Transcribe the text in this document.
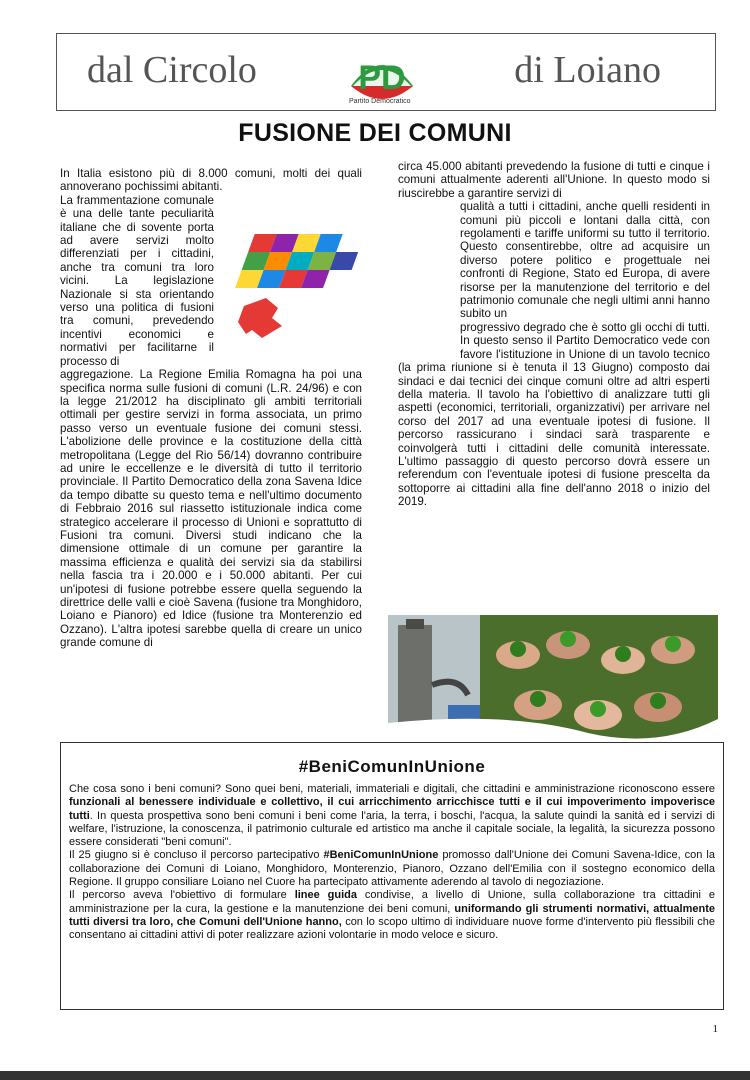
dal Circolo	PD
Partito Democratico
di Loiano
FUSIONE DEI COMUNI

In Italia esistono più di 8.000 comuni, molti dei quali annoverano pochissimi abitanti.

La frammentazione comunale è una delle tante peculiarità italiane che di sovente porta ad avere servizi molto differenziati per i cittadini, anche tra comuni tra loro vicini. La legislazione Nazionale si sta orientando verso una politica di fusioni tra comuni, prevedendo incentivi economici e normativi per facilitarne il processo di

aggregazione. La Regione Emilia Romagna ha poi una specifica norma sulle fusioni di comuni (L.R. 24/96) e con la legge 21/2012 ha disciplinato gli ambiti territoriali ottimali per gestire servizi in forma associata, un primo passo verso un eventuale fusione dei comuni stessi. L'abolizione delle province e la costituzione della città metropolitana (Legge del Rio 56/14) dovranno contribuire ad unire le eccellenze e le diversità di tutto il territorio provinciale. Il Partito Democratico della zona Savena Idice da tempo dibatte su questo tema e nell'ultimo documento di Febbraio 2016 sul riassetto istituzionale indica come strategico accelerare il processo di Unioni e soprattutto di Fusioni tra comuni. Diversi studi indicano che la dimensione ottimale di un comune per garantire la massima efficienza e qualità dei servizi sia da stabilirsi nella fascia tra i 20.000 e i 50.000 abitanti. Per cui un'ipotesi di fusione potrebbe essere quella seguendo la direttrice delle valli e cioè Savena (fusione tra Monghidoro, Loiano e Pianoro) ed Idice (fusione tra Monterenzio ed Ozzano). L'altra ipotesi sarebbe quella di creare un unico grande comune di

circa 45.000 abitanti prevedendo la fusione di tutti e cinque i comuni attualmente aderenti all'Unione. In questo modo si riuscirebbe a garantire servizi di

qualità a tutti i cittadini, anche quelli residenti in comuni più piccoli e lontani dalla città, con regolamenti e tariffe uniformi su tutto il territorio. Questo consentirebbe, oltre ad acquisire un diverso potere politico e progettuale nei confronti di Regione, Stato ed Europa, di avere risorse per la manutenzione del territorio e del patrimonio comunale che negli ultimi anni hanno subito un

progressivo degrado che è sotto gli occhi di tutti. In questo senso il Partito Democratico vede con favore l'istituzione in Unione di un tavolo tecnico (la prima riunione si è tenuta il 13 Giugno) composto dai sindaci e dai tecnici dei cinque comuni oltre ad altri esperti della materia. Il tavolo ha l'obiettivo di analizzare tutti gli aspetti (economici, territoriali, organizzativi) per arrivare nel corso del 2017 ad una eventuale ipotesi di fusione. Il percorso rassicurano i sindaci sarà trasparente e coinvolgerà tutti i cittadini delle comunità interessate. L'ultimo passaggio di questo percorso dovrà essere un referendum con l'eventuale ipotesi di fusione prescelta da sottoporre ai cittadini alla fine dell'anno 2018 o inizio del 2019.

#BeniComunInUnione

Che cosa sono i beni comuni? Sono quei beni, materiali, immateriali e digitali, che cittadini e amministrazione riconoscono essere funzionali al benessere individuale e collettivo, il cui arricchimento arricchisce tutti e il cui impoverimento impoverisce tutti. In questa prospettiva sono beni comuni i beni come l'aria, la terra, i boschi, l'acqua, la salute quindi la sanità ed i servizi di welfare, l'istruzione, la conoscenza, il patrimonio culturale ed artistico ma anche il capitale sociale, la legalità, la sicurezza possono essere considerati "beni comuni".

Il 25 giugno si è concluso il percorso partecipativo #BeniComunInUnione promosso dall'Unione dei Comuni Savena-Idice, con la collaborazione dei Comuni di Loiano, Monghidoro, Monterenzio, Pianoro, Ozzano dell'Emilia con il sostegno economico della Regione. Il gruppo consiliare Loiano nel Cuore ha partecipato attivamente aderendo al tavolo di negoziazione.

Il percorso aveva l'obiettivo di formulare linee guida condivise, a livello di Unione, sulla collaborazione tra cittadini e amministrazione per la cura, la gestione e la manutenzione dei beni comuni, uniformando gli strumenti normativi, attualmente tutti diversi tra loro, che Comuni dell'Unione hanno, con lo scopo ultimo di individuare nuove forme d'intervento più flessibili che consentano ai cittadini attivi di poter realizzare azioni volontarie in modo veloce e sicuro.

1
